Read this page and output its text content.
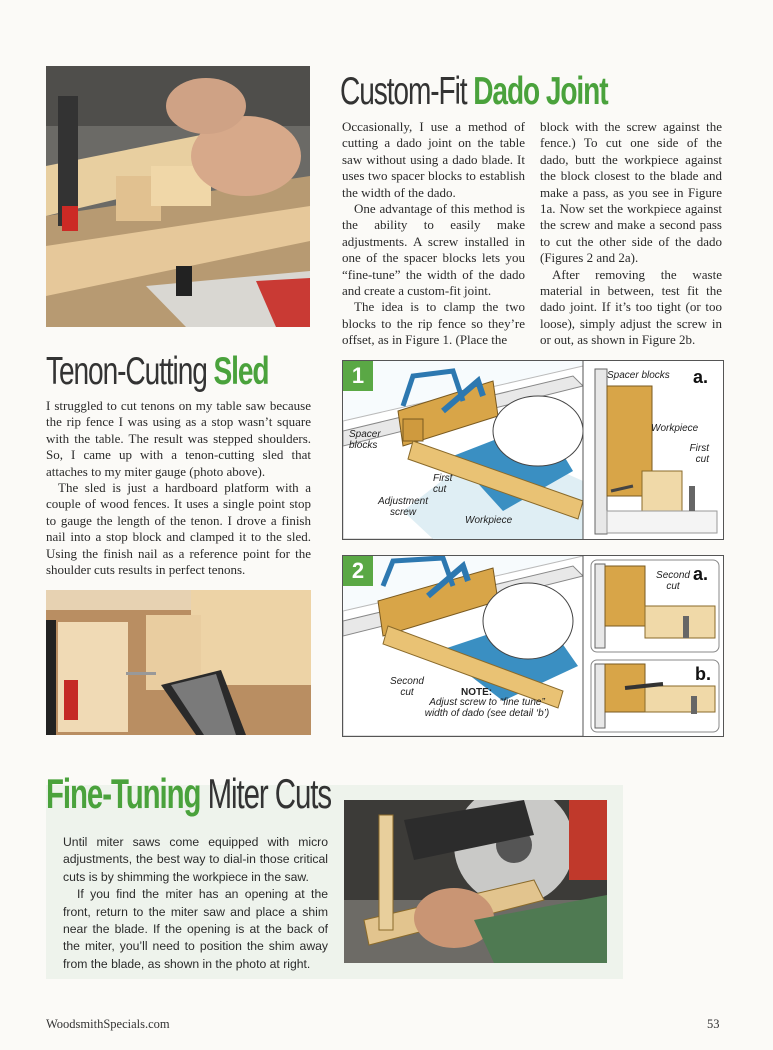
Custom-Fit Dado Joint

Occasionally, I use a method of cutting a dado joint on the table saw without using a dado blade. It uses two spacer blocks to establish the width of the dado.

One advantage of this method is the ability to easily make adjustments. A screw installed in one of the spacer blocks lets you “fine-tune” the width of the dado and create a custom-fit joint.

The idea is to clamp the two blocks to the rip fence so they’re offset, as in Figure 1. (Place the

block with the screw against the fence.) To cut one side of the dado, butt the workpiece against the block closest to the blade and make a pass, as you see in Figure 1a. Now set the workpiece against the screw and make a second pass to cut the other side of the dado (Figures 2 and 2a).

After removing the waste material in between, test fit the dado joint. If it’s too tight (or too loose), simply adjust the screw in or out, as shown in Figure 2b.

Tenon-Cutting Sled

I struggled to cut tenons on my table saw because the rip fence I was using as a stop wasn’t square with the table. The result was stepped shoulders. So, I came up with a tenon-cutting sled that attaches to my miter gauge (photo above).

The sled is just a hardboard platform with a couple of wood fences. It uses a single point stop to gauge the length of the tenon. I drove a finish nail into a stop block and clamped it to the sled. Using the finish nail as a reference point for the shoulder cuts results in perfect tenons.

1
Spacer blocks
First cut
Adjustment screw
Workpiece
Spacer blocks a.
Workpiece
First cut
2
Second cut	NOTE:
Adjust screw to “fine tune” width of dado (see detail ‘b’)
a.
Second cut
b.
Fine-Tuning Miter Cuts

Until miter saws come equipped with micro adjustments, the best way to dial-in those critical cuts is by shimming the workpiece in the saw.

If you find the miter has an opening at the front, return to the miter saw and place a shim near the blade. If the opening is at the back of the miter, you’ll need to position the shim away from the blade, as shown in the photo at right.

WoodsmithSpecials.com	53
